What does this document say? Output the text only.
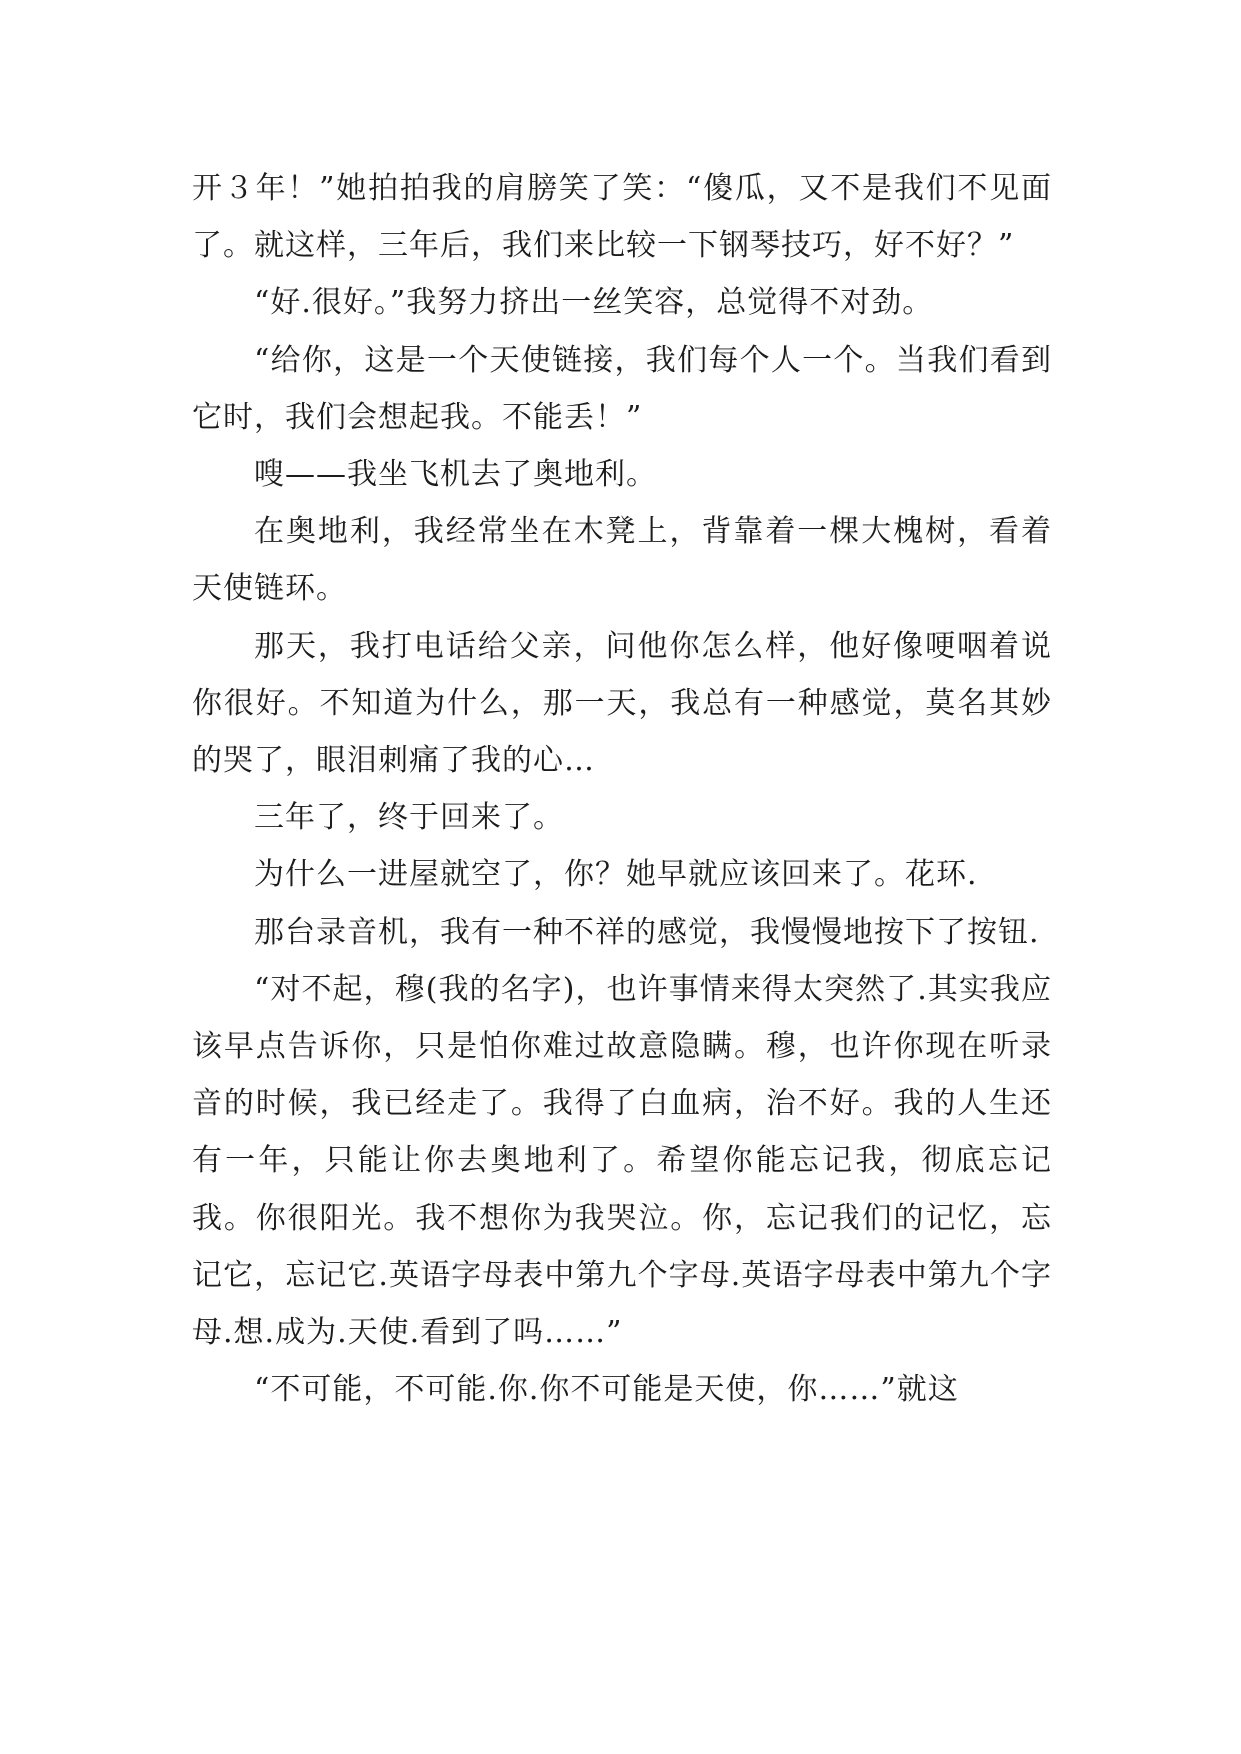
开３年！”她拍拍我的肩膀笑了笑：“傻瓜，又不是我们不见面了。就这样，三年后，我们来比较一下钢琴技巧，好不好？”

“好.很好。”我努力挤出一丝笑容，总觉得不对劲。

“给你，这是一个天使链接，我们每个人一个。当我们看到它时，我们会想起我。不能丢！”

嗖——我坐飞机去了奥地利。

在奥地利，我经常坐在木凳上，背靠着一棵大槐树，看着天使链环。

那天，我打电话给父亲，问他你怎么样，他好像哽咽着说你很好。不知道为什么，那一天，我总有一种感觉，莫名其妙的哭了，眼泪刺痛了我的心…

三年了，终于回来了。

为什么一进屋就空了，你？她早就应该回来了。花环.

那台录音机，我有一种不祥的感觉，我慢慢地按下了按钮.

“对不起，穆(我的名字)，也许事情来得太突然了.其实我应该早点告诉你，只是怕你难过故意隐瞒。穆，也许你现在听录音的时候，我已经走了。我得了白血病，治不好。我的人生还有一年，只能让你去奥地利了。希望你能忘记我，彻底忘记我。你很阳光。我不想你为我哭泣。你，忘记我们的记忆，忘记它，忘记它.英语字母表中第九个字母.英语字母表中第九个字母.想.成为.天使.看到了吗……”

“不可能，不可能.你.你不可能是天使，你……”就这
